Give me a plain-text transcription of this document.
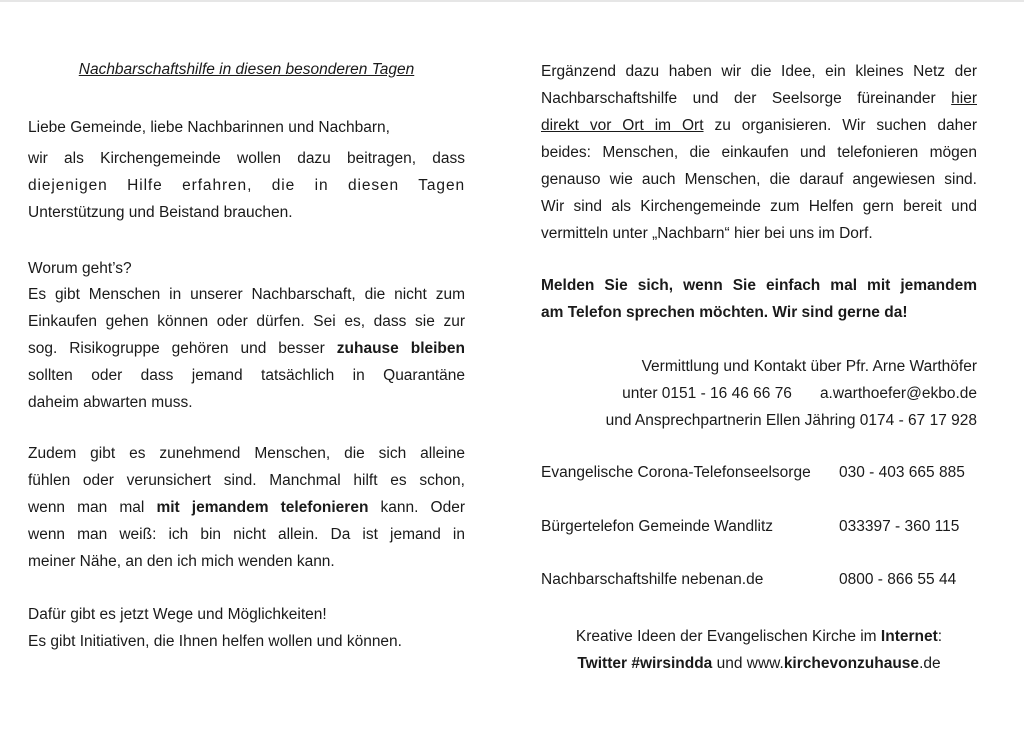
Nachbarschaftshilfe in diesen besonderen Tagen
Liebe Gemeinde, liebe Nachbarinnen und Nachbarn,
wir als Kirchengemeinde wollen dazu beitragen, dass
diejenigen Hilfe erfahren, die in diesen Tagen
Unterstützung und Beistand brauchen.
Worum geht’s?
Es gibt Menschen in unserer Nachbarschaft, die nicht zum
Einkaufen gehen können oder dürfen. Sei es, dass sie zur
sog. Risikogruppe gehören und besser zuhause bleiben
sollten oder dass jemand tatsächlich in Quarantäne
daheim abwarten muss.
Zudem gibt es zunehmend Menschen, die sich alleine
fühlen oder verunsichert sind. Manchmal hilft es schon,
wenn man mal mit jemandem telefonieren kann. Oder
wenn man weiß: ich bin nicht allein. Da ist jemand in
meiner Nähe, an den ich mich wenden kann.
Dafür gibt es jetzt Wege und Möglichkeiten!
Es gibt Initiativen, die Ihnen helfen wollen und können.
Ergänzend dazu haben wir die Idee, ein kleines Netz der
Nachbarschaftshilfe und der Seelsorge füreinander hier
direkt vor Ort im Ort zu organisieren. Wir suchen daher
beides: Menschen, die einkaufen und telefonieren mögen
genauso wie auch Menschen, die darauf angewiesen sind.
Wir sind als Kirchengemeinde zum Helfen gern bereit und
vermitteln unter „Nachbarn“ hier bei uns im Dorf.
Melden Sie sich, wenn Sie einfach mal mit jemandem
am Telefon sprechen möchten. Wir sind gerne da!
Vermittlung und Kontakt über Pfr. Arne Warthöfer
unter 0151 - 16 46 66 76 a.warthoefer@ekbo.de
und Ansprechpartnerin Ellen Jähring 0174 - 67 17 928
Evangelische Corona-Telefonseelsorge 030 - 403 665 885
Bürgertelefon Gemeinde Wandlitz	033397 - 360 115
Nachbarschaftshilfe nebenan.de	0800 - 866 55 44
Kreative Ideen der Evangelischen Kirche im Internet:
Twitter #wirsindda und www.kirchevonzuhause.de
